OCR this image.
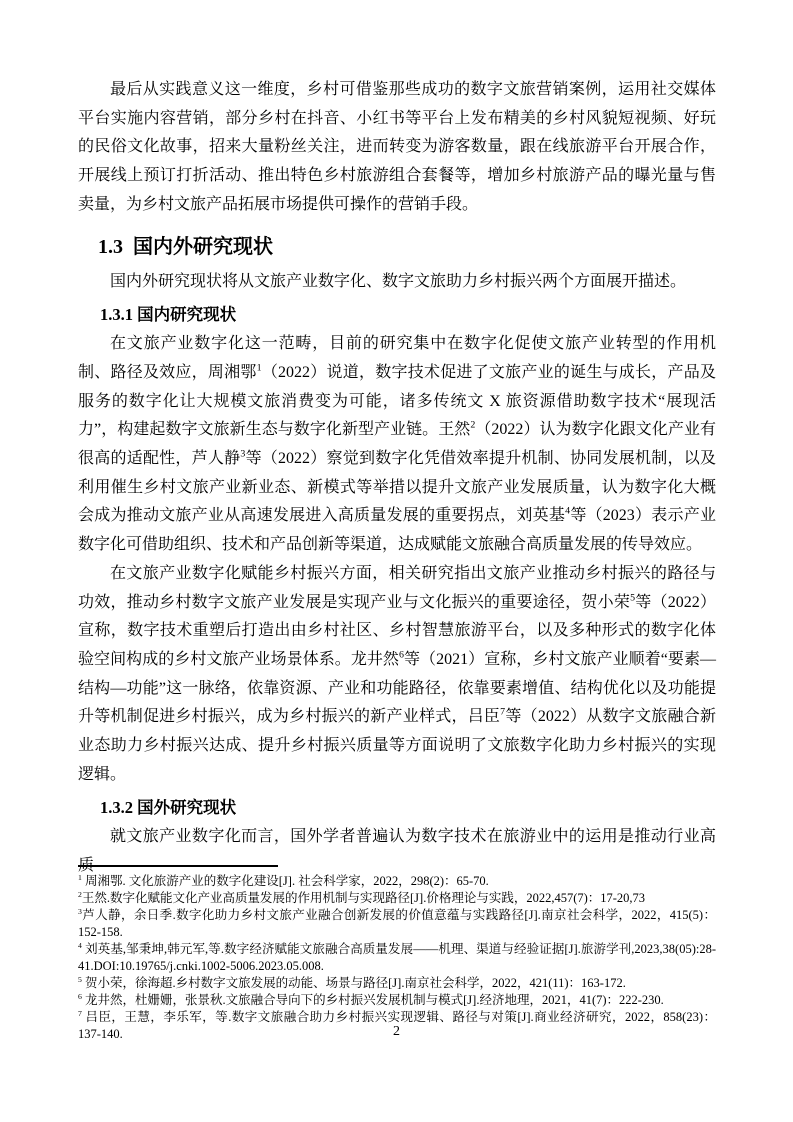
最后从实践意义这一维度，乡村可借鉴那些成功的数字文旅营销案例，运用社交媒体平台实施内容营销，部分乡村在抖音、小红书等平台上发布精美的乡村风貌短视频、好玩的民俗文化故事，招来大量粉丝关注，进而转变为游客数量，跟在线旅游平台开展合作，开展线上预订打折活动、推出特色乡村旅游组合套餐等，增加乡村旅游产品的曝光量与售卖量，为乡村文旅产品拓展市场提供可操作的营销手段。

1.3  国内外研究现状

国内外研究现状将从文旅产业数字化、数字文旅助力乡村振兴两个方面展开描述。

1.3.1 国内研究现状

在文旅产业数字化这一范畴，目前的研究集中在数字化促使文旅产业转型的作用机制、路径及效应，周湘鄂$^1$（2022）说道，数字技术促进了文旅产业的诞生与成长，产品及服务的数字化让大规模文旅消费变为可能，诸多传统文 X 旅资源借助数字技术“展现活力”，构建起数字文旅新生态与数字化新型产业链。王然$^2$（2022）认为数字化跟文化产业有很高的适配性，芦人静$^3$等（2022）察觉到数字化凭借效率提升机制、协同发展机制，以及利用催生乡村文旅产业新业态、新模式等举措以提升文旅产业发展质量，认为数字化大概会成为推动文旅产业从高速发展进入高质量发展的重要拐点，刘英基$^4$等（2023）表示产业数字化可借助组织、技术和产品创新等渠道，达成赋能文旅融合高质量发展的传导效应。

在文旅产业数字化赋能乡村振兴方面，相关研究指出文旅产业推动乡村振兴的路径与功效，推动乡村数字文旅产业发展是实现产业与文化振兴的重要途径，贺小荣$^5$等（2022）宣称，数字技术重塑后打造出由乡村社区、乡村智慧旅游平台，以及多种形式的数字化体验空间构成的乡村文旅产业场景体系。龙井然$^6$等（2021）宣称，乡村文旅产业顺着“要素—结构—功能”这一脉络，依靠资源、产业和功能路径，依靠要素增值、结构优化以及功能提升等机制促进乡村振兴，成为乡村振兴的新产业样式，吕臣$^7$等（2022）从数字文旅融合新业态助力乡村振兴达成、提升乡村振兴质量等方面说明了文旅数字化助力乡村振兴的实现逻辑。

1.3.2 国外研究现状

就文旅产业数字化而言，国外学者普遍认为数字技术在旅游业中的运用是推动行业高质

$^1$ 周湘鄂. 文化旅游产业的数字化建设[J]. 社会科学家，2022，298(2)：65-70.

$^2$王然.数字化赋能文化产业高质量发展的作用机制与实现路径[J].价格理论与实践，2022,457(7)：17-20,73

$^3$芦人静，余日季.数字化助力乡村文旅产业融合创新发展的价值意蕴与实践路径[J].南京社会科学，2022，415(5)：152-158.

$^4$ 刘英基,邹秉坤,韩元军,等.数字经济赋能文旅融合高质量发展——机理、渠道与经验证据[J].旅游学刊,2023,38(05):28-41.DOI:10.19765/j.cnki.1002-5006.2023.05.008.

$^5$ 贺小荣，徐海超.乡村数字文旅发展的动能、场景与路径[J].南京社会科学，2022，421(11)：163-172.

$^6$ 龙井然，杜姗姗，张景秋.文旅融合导向下的乡村振兴发展机制与模式[J].经济地理，2021，41(7)：222-230.

$^7$ 吕臣，王慧，李乐军，等.数字文旅融合助力乡村振兴实现逻辑、路径与对策[J].商业经济研究，2022，858(23)：137-140.	2
